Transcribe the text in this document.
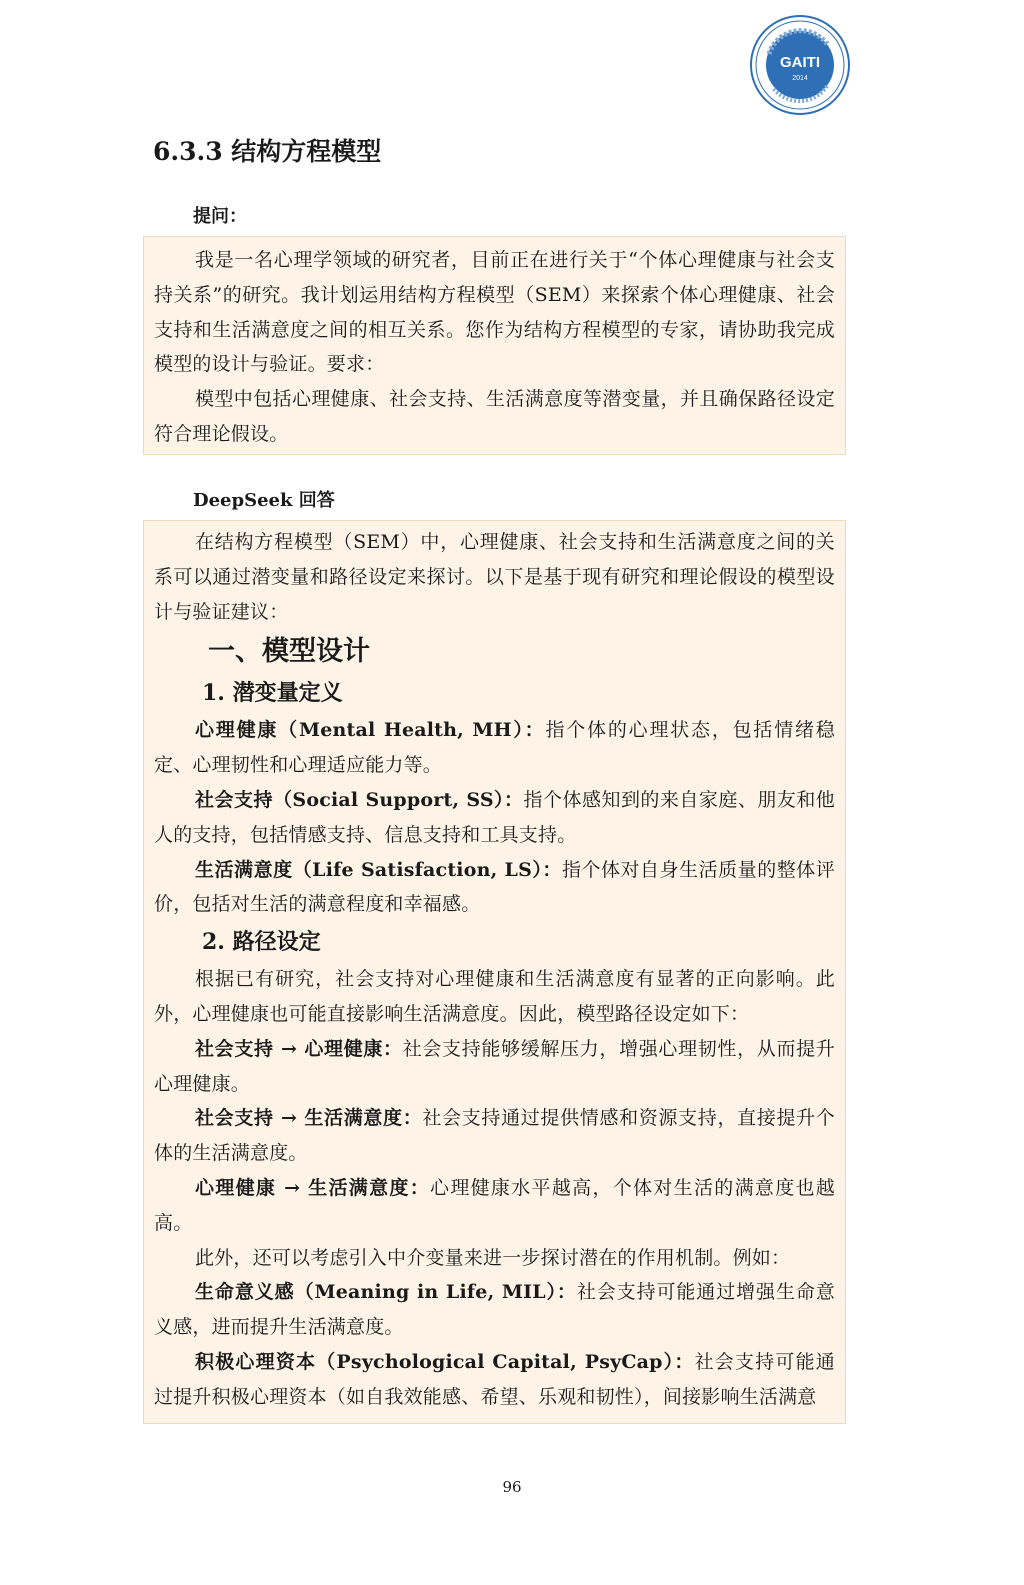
GAITI
2014
6.3.3 结构方程模型

提问：

我是一名心理学领域的研究者，目前正在进行关于“个体心理健康与社会支持关系”的研究。我计划运用结构方程模型（SEM）来探索个体心理健康、社会支持和生活满意度之间的相互关系。您作为结构方程模型的专家，请协助我完成模型的设计与验证。要求：

模型中包括心理健康、社会支持、生活满意度等潜变量，并且确保路径设定符合理论假设。

DeepSeek 回答

在结构方程模型（SEM）中，心理健康、社会支持和生活满意度之间的关系可以通过潜变量和路径设定来探讨。以下是基于现有研究和理论假设的模型设计与验证建议：

一、模型设计
1. 潜变量定义

心理健康（Mental Health, MH）：指个体的心理状态，包括情绪稳定、心理韧性和心理适应能力等。

社会支持（Social Support, SS）：指个体感知到的来自家庭、朋友和他人的支持，包括情感支持、信息支持和工具支持。

生活满意度（Life Satisfaction, LS）：指个体对自身生活质量的整体评价，包括对生活的满意程度和幸福感。

2. 路径设定

根据已有研究，社会支持对心理健康和生活满意度有显著的正向影响。此外，心理健康也可能直接影响生活满意度。因此，模型路径设定如下：

社会支持 → 心理健康：社会支持能够缓解压力，增强心理韧性，从而提升心理健康。

社会支持 → 生活满意度：社会支持通过提供情感和资源支持，直接提升个体的生活满意度。

心理健康 → 生活满意度：心理健康水平越高，个体对生活的满意度也越高。

此外，还可以考虑引入中介变量来进一步探讨潜在的作用机制。例如：

生命意义感（Meaning in Life, MIL）：社会支持可能通过增强生命意义感，进而提升生活满意度。

积极心理资本（Psychological Capital, PsyCap）：社会支持可能通过提升积极心理资本（如自我效能感、希望、乐观和韧性），间接影响生活满意

96
